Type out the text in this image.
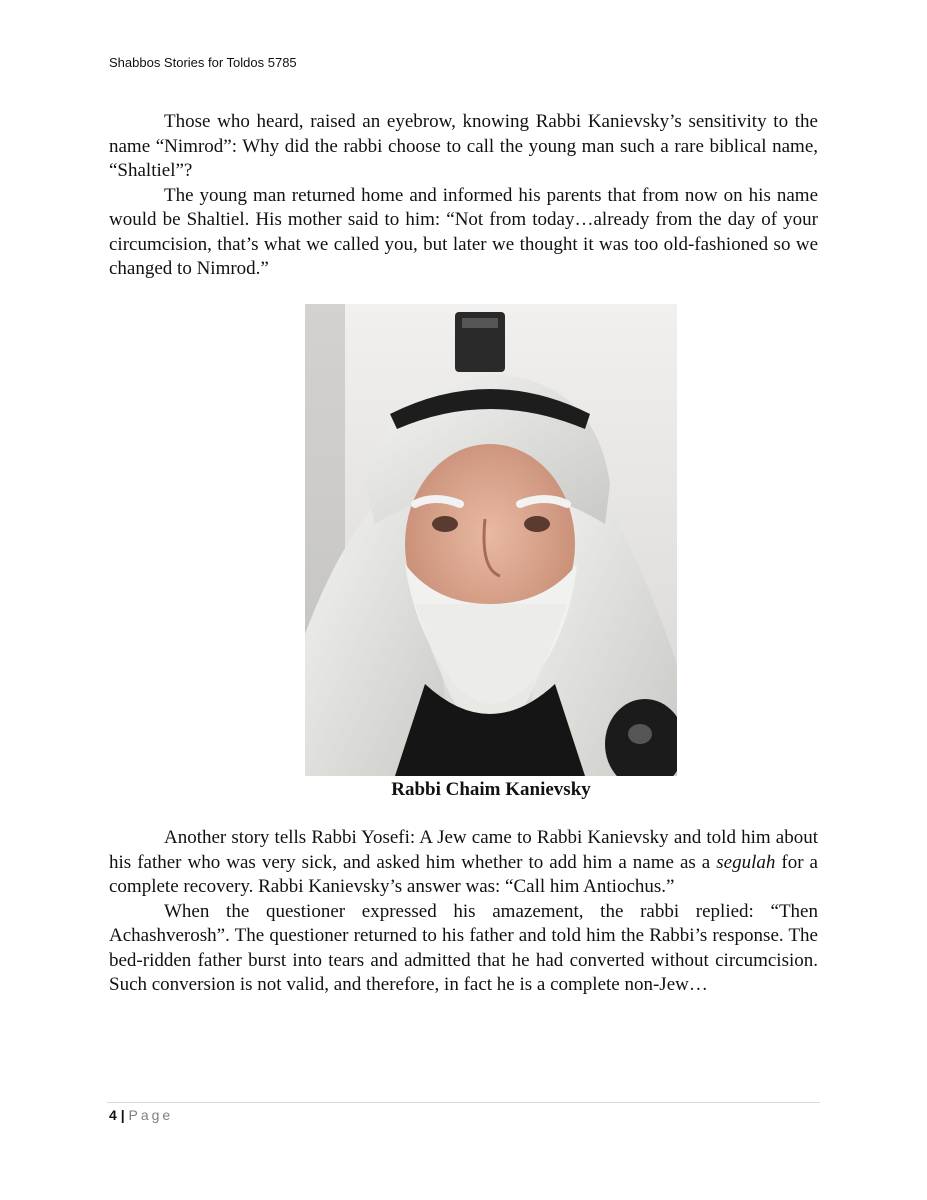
Shabbos Stories for Toldos 5785

Those who heard, raised an eyebrow, knowing Rabbi Kanievsky’s sensitivity to the name “Nimrod”: Why did the rabbi choose to call the young man such a rare biblical name, “Shaltiel”?

The young man returned home and informed his parents that from now on his name would be Shaltiel. His mother said to him: “Not from today…already from the day of your circumcision, that’s what we called you, but later we thought it was too old-fashioned so we changed to Nimrod.”

Rabbi Chaim Kanievsky

Another story tells Rabbi Yosefi: A Jew came to Rabbi Kanievsky and told him about his father who was very sick, and asked him whether to add him a name as a segulah for a complete recovery. Rabbi Kanievsky’s answer was: “Call him Antiochus.”

When the questioner expressed his amazement, the rabbi replied: “Then Achashverosh”. The questioner returned to his father and told him the Rabbi’s response. The bed-ridden father burst into tears and admitted that he had converted without circumcision. Such conversion is not valid, and therefore, in fact he is a complete non-Jew…

4 | Page
